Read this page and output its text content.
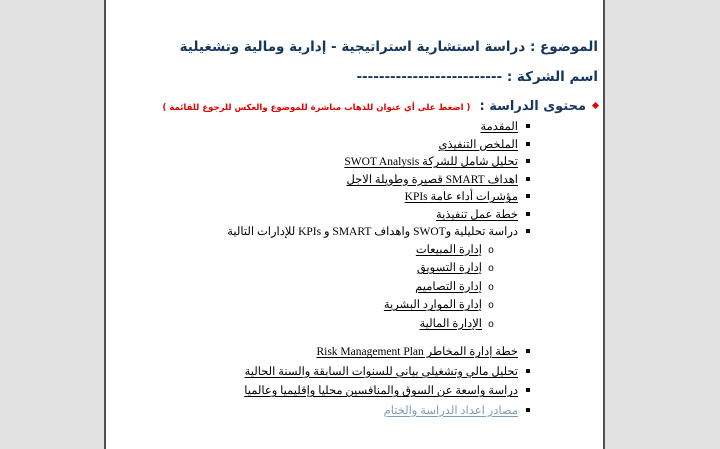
الموضوع : دراسة استشارية استراتيجية - إدارية ومالية وتشغيلية
اسم الشركة : --------------------------
محتوى الدراسة : ( اضغط على أي عنوان للذهاب مباشرة للموضوع والعكس للرجوع للقائمة )
المقدمة
الملخص التنفيذي
تحليل شامل للشركة SWOT Analysis
اهداف SMART قصيرة وطويلة الاجل
مؤشرات أداء عامة KPIs
خطة عمل تنفيذية
دراسة تحليلية وSWOT واهداف SMART و KPIs للإدارات التالية
oإدارة المبيعات
oإدارة التسويق
oإدارة التصاميم
oإدارة الموارد البشرية
oالإدارة المالية
خطة إدارة المخاطر Risk Management Plan
تحليل مالي وتشغيلي بياني للسنوات السابقة والسنة الحالية
دراسة واسعة عن السوق والمنافسين محليا وإقليميا وعالميا
مصادر اعداد الدراسة والختام
